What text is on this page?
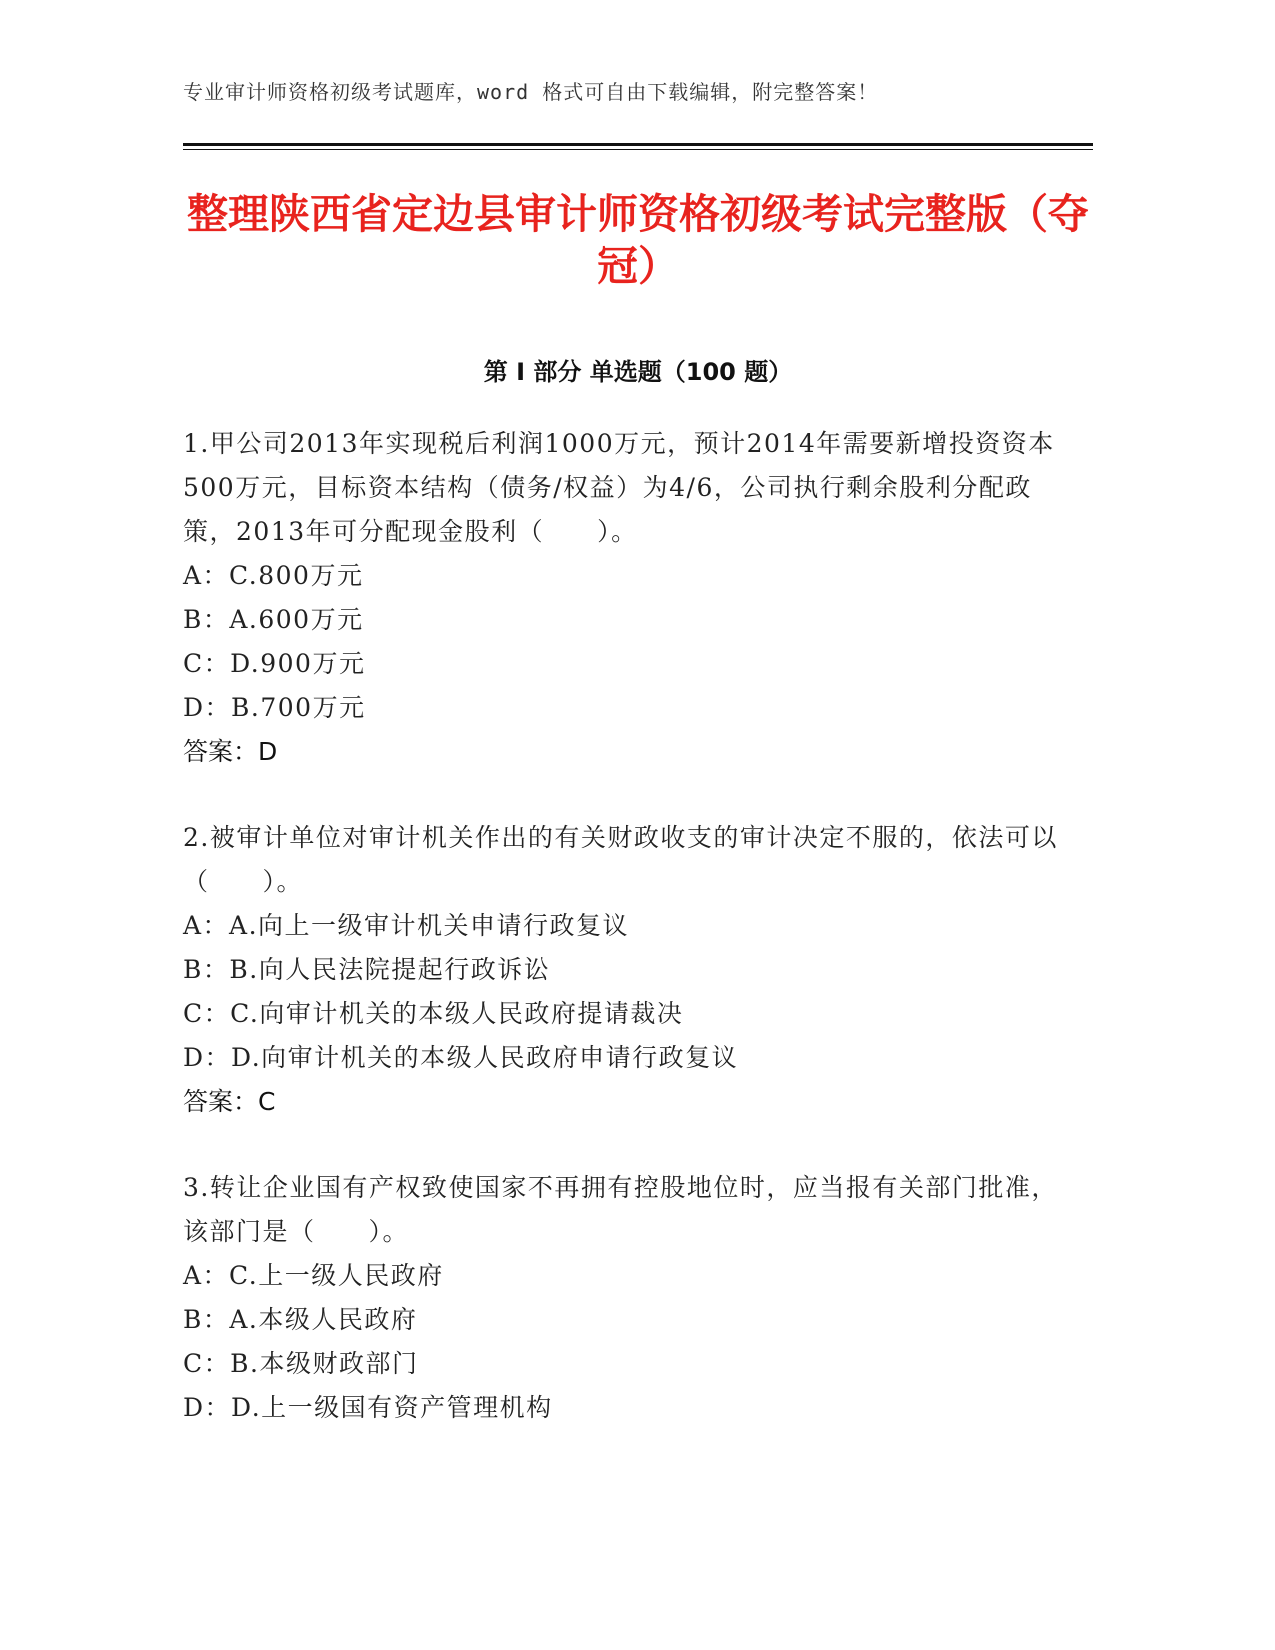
专业审计师资格初级考试题库，word 格式可自由下载编辑，附完整答案！
整理陕西省定边县审计师资格初级考试完整版（夺冠）
第 I 部分 单选题（100 题）

1.甲公司2013年实现税后利润1000万元，预计2014年需要新增投资资本500万元，目标资本结构（债务/权益）为4/6，公司执行剩余股利分配政策，2013年可分配现金股利（　　）。

A：C.800万元

B：A.600万元

C：D.900万元

D：B.700万元

答案：D

2.被审计单位对审计机关作出的有关财政收支的审计决定不服的，依法可以（　　）。

A：A.向上一级审计机关申请行政复议

B：B.向人民法院提起行政诉讼

C：C.向审计机关的本级人民政府提请裁决

D：D.向审计机关的本级人民政府申请行政复议

答案：C

3.转让企业国有产权致使国家不再拥有控股地位时，应当报有关部门批准，该部门是（　　）。

A：C.上一级人民政府

B：A.本级人民政府

C：B.本级财政部门

D：D.上一级国有资产管理机构
